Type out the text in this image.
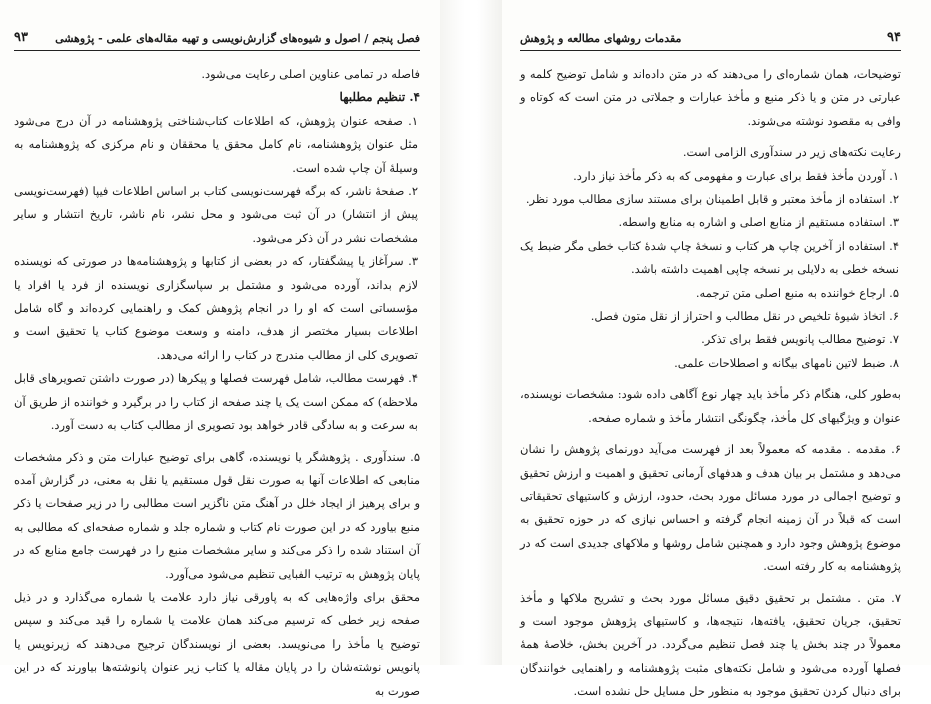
فصل پنجم / اصول و شیوه‌های گزارش‌نویسی و تهیه مقاله‌های علمی - پژوهشی
۹۳

فاصله در تمامی عناوین اصلی رعایت می‌شود.

۴. تنظیم مطلبها

۱. صفحه عنوان پژوهش، که اطلاعات کتاب‌شناختی پژوهشنامه در آن درج می‌شود مثل عنوان پژوهشنامه، نام کامل محقق یا محققان و نام مرکزی که پژوهشنامه به وسیلهٔ آن چاپ شده است.

۲. صفحهٔ ناشر، که برگه فهرست‌نویسی کتاب بر اساس اطلاعات فیپا (فهرست‌نویسی پیش از انتشار) در آن ثبت می‌شود و محل نشر، نام ناشر، تاریخ انتشار و سایر مشخصات نشر در آن ذکر می‌شود.

۳. سرآغاز یا پیشگفتار، که در بعضی از کتابها و پژوهشنامه‌ها در صورتی که نویسنده لازم بداند، آورده می‌شود و مشتمل بر سپاسگزاری نویسنده از فرد یا افراد یا مؤسساتی است که او را در انجام پژوهش کمک و راهنمایی کرده‌اند و گاه شامل اطلاعات بسیار مختصر از هدف، دامنه و وسعت موضوع کتاب یا تحقیق است و تصویری کلی از مطالب مندرج در کتاب را ارائه می‌دهد.

۴. فهرست مطالب، شامل فهرست فصلها و پیکرها (در صورت داشتن تصویرهای قابل ملاحظه) که ممکن است یک یا چند صفحه از کتاب را در برگیرد و خواننده از طریق آن به سرعت و به سادگی قادر خواهد بود تصویری از مطالب کتاب به دست آورد.

۵. سندآوری . پژوهشگر یا نویسنده، گاهی برای توضیح عبارات متن و ذکر مشخصات منابعی که اطلاعات آنها به صورت نقل قول مستقیم یا نقل به معنی، در گزارش آمده و برای پرهیز از ایجاد خلل در آهنگ متن ناگزیر است مطالبی را در زیر صفحات یا ذکر منبع بیاورد که در این صورت نام کتاب و شماره جلد و شماره صفحه‌ای که مطالبی به آن استناد شده را ذکر می‌کند و سایر مشخصات منبع را در فهرست جامع منابع که در پایان پژوهش به ترتیب الفبایی تنظیم می‌شود می‌آورد.

محقق برای واژه‌هایی که به پاورقی نیاز دارد علامت یا شماره می‌گذارد و در ذیل صفحه زیر خطی که ترسیم می‌کند همان علامت یا شماره را قید می‌کند و سپس توضیح یا مأخذ را می‌نویسد. بعضی از نویسندگان ترجیح می‌دهند که زیرنویس یا پانویس نوشته‌شان را در پایان مقاله یا کتاب زیر عنوان پانوشته‌ها بیاورند که در این صورت به

۹۴
مقدمات روشهای مطالعه و پژوهش

توضیحات، همان شماره‌ای را می‌دهند که در متن داده‌اند و شامل توضیح کلمه و عبارتی در متن و یا ذکر منبع و مأخذ عبارات و جملاتی در متن است که کوتاه و وافی به مقصود نوشته می‌شوند.

رعایت نکته‌های زیر در سندآوری الزامی است.

۱. آوردن مأخذ فقط برای عبارت و مفهومی که به ذکر مأخذ نیاز دارد.

۲. استفاده از مأخذ معتبر و قابل اطمینان برای مستند سازی مطالب مورد نظر.

۳. استفاده مستقیم از منابع اصلی و اشاره به منابع واسطه.

۴. استفاده از آخرین چاپ هر کتاب و نسخهٔ چاپ شدهٔ کتاب خطی مگر ضبط یک نسخه خطی به دلایلی بر نسخه چاپی اهمیت داشته باشد.

۵. ارجاع خواننده به منبع اصلی متن ترجمه.

۶. اتخاذ شیوهٔ تلخیص در نقل مطالب و احتراز از نقل متون فصل.

۷. توضیح مطالب پانویس فقط برای تذکر.

۸. ضبط لاتین نامهای بیگانه و اصطلاحات علمی.

به‌طور کلی، هنگام ذکر مأخذ باید چهار نوع آگاهی داده شود: مشخصات نویسنده، عنوان و ویژگیهای کل مأخذ، چگونگی انتشار مأخذ و شماره صفحه.

۶. مقدمه . مقدمه که معمولاً بعد از فهرست می‌آید دورنمای پژوهش را نشان می‌دهد و مشتمل بر بیان هدف و هدفهای آرمانی تحقیق و اهمیت و ارزش تحقیق و توضیح اجمالی در مورد مسائل مورد بحث، حدود، ارزش و کاستیهای تحقیقاتی است که قبلاً در آن زمینه انجام گرفته و احساس نیازی که در حوزه تحقیق به موضوع پژوهش وجود دارد و همچنین شامل روشها و ملاکهای جدیدی است که در پژوهشنامه به کار رفته است.

۷. متن . مشتمل بر تحقیق دقیق مسائل مورد بحث و تشریح ملاکها و مأخذ تحقیق، جریان تحقیق، یافته‌ها، نتیجه‌ها، و کاستیهای پژوهش موجود است و معمولاً در چند بخش یا چند فصل تنظیم می‌گردد. در آخرین بخش، خلاصهٔ همهٔ فصلها آورده می‌شود و شامل نکته‌های مثبت پژوهشنامه و راهنمایی خوانندگان برای دنبال کردن تحقیق موجود به منظور حل مسایل حل نشده است.
